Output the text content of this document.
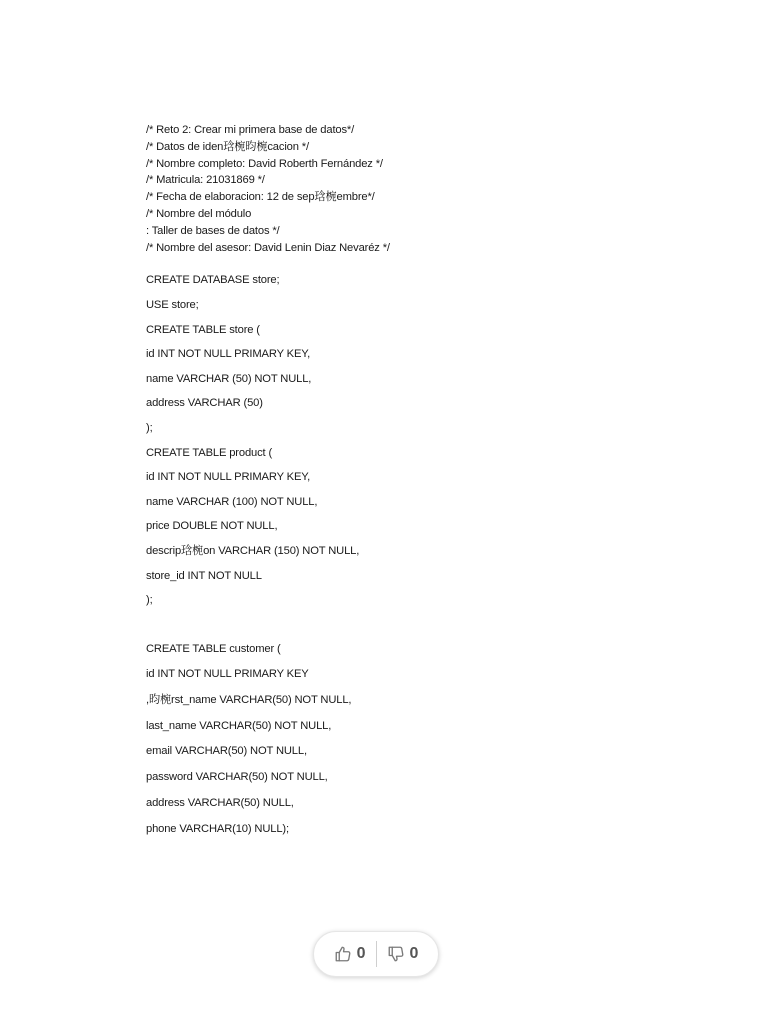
/* Reto 2: Crear mi primera base de datos*/
/* Datos de iden琀椀昀椀cacion */
/* Nombre completo: David Roberth Fernández */
/* Matricula: 21031869 */
/* Fecha de elaboracion: 12 de sep琀椀embre*/
/* Nombre del módulo
: Taller de bases de datos */
/* Nombre del asesor: David Lenin Diaz Nevaréz */
CREATE DATABASE store;
USE store;
CREATE TABLE store (
id INT NOT NULL PRIMARY KEY,
name VARCHAR (50) NOT NULL,
address VARCHAR (50)
);
CREATE TABLE product (
id INT NOT NULL PRIMARY KEY,
name VARCHAR (100) NOT NULL,
price DOUBLE NOT NULL,
descrip琀椀on VARCHAR (150) NOT NULL,
store_id INT NOT NULL
);
CREATE TABLE customer (
id INT NOT NULL PRIMARY KEY
,昀椀rst_name VARCHAR(50) NOT NULL,
last_name VARCHAR(50) NOT NULL,
email VARCHAR(50) NOT NULL,
password VARCHAR(50) NOT NULL,
address VARCHAR(50) NULL,
phone VARCHAR(10) NULL);
0	0
